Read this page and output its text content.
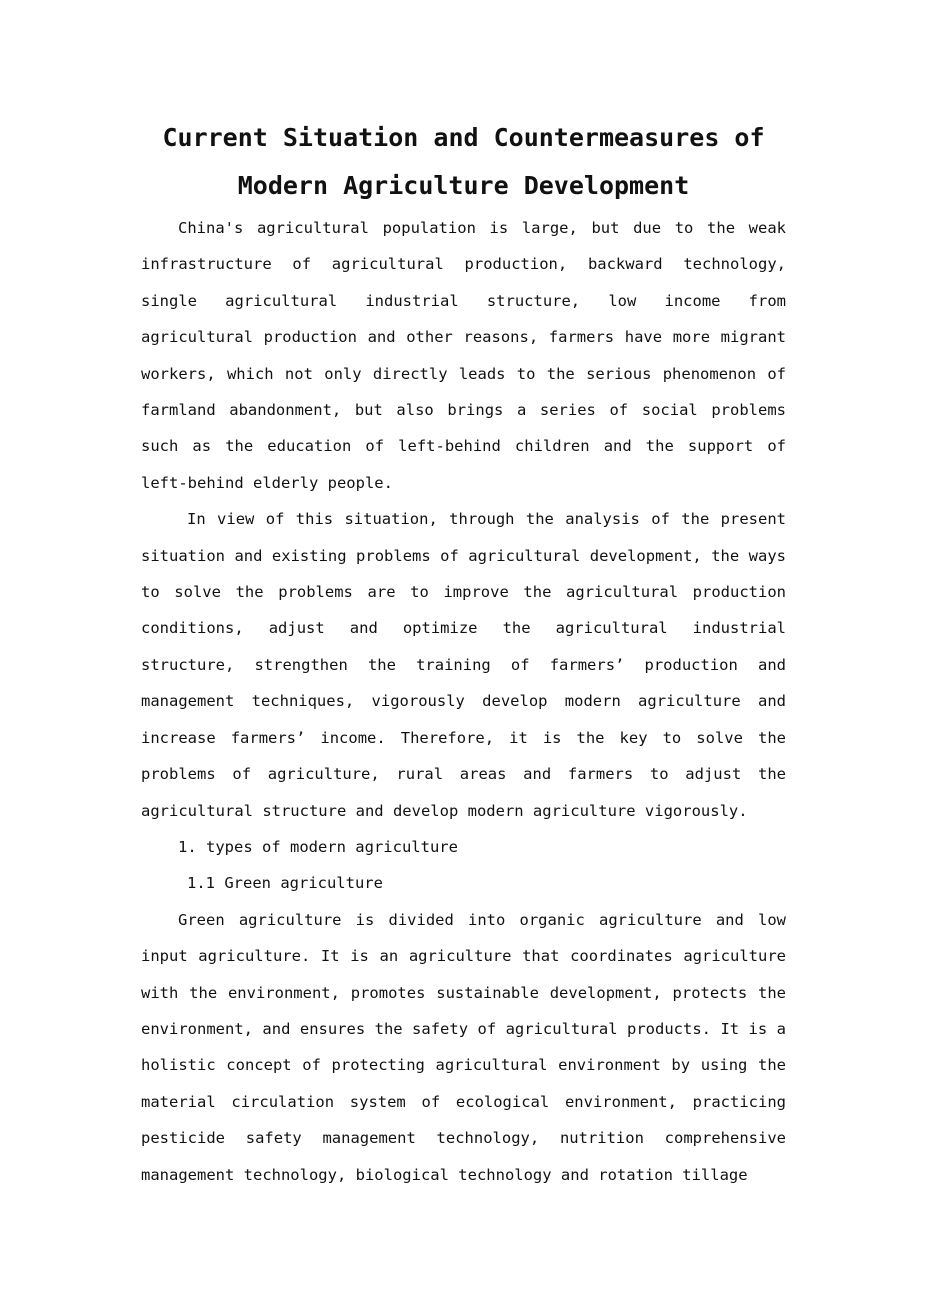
Current Situation and Countermeasures of
Modern Agriculture Development

China's agricultural population is large, but due to the weak infrastructure of agricultural production, backward technology, single agricultural industrial structure, low income from agricultural production and other reasons, farmers have more migrant workers, which not only directly leads to the serious phenomenon of farmland abandonment, but also brings a series of social problems such as the education of left-behind children and the support of left-behind elderly people.

In view of this situation, through the analysis of the present situation and existing problems of agricultural development, the ways to solve the problems are to improve the agricultural production conditions, adjust and optimize the agricultural industrial structure, strengthen the training of farmers’ production and management techniques, vigorously develop modern agriculture and increase farmers’ income. Therefore, it is the key to solve the problems of agriculture, rural areas and farmers to adjust the agricultural structure and develop modern agriculture vigorously.

1. types of modern agriculture

1.1 Green agriculture

Green agriculture is divided into organic agriculture and low input agriculture. It is an agriculture that coordinates agriculture with the environment, promotes sustainable development, protects the environment, and ensures the safety of agricultural products. It is a holistic concept of protecting agricultural environment by using the material circulation system of ecological environment, practicing pesticide safety management technology, nutrition comprehensive management technology, biological technology and rotation tillage
